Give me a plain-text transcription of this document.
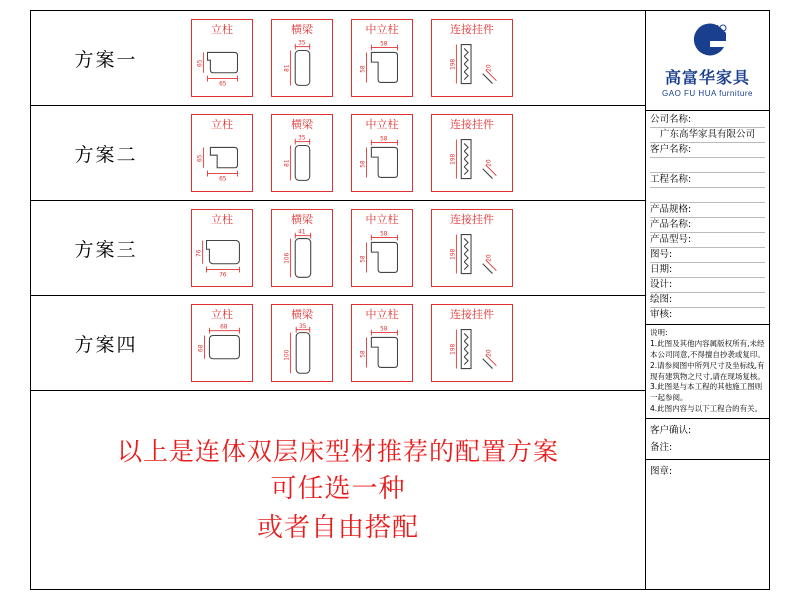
方案一
立柱
65
65
横梁
35
81
中立柱
58
58
连接挂件
198	20
方案二
立柱
65
65
横梁
35
81
中立柱
58
58
连接挂件
198	20
方案三
立柱
76
76
横梁
41
106
中立柱
58
58
连接挂件
198	20
方案四
立柱
68
68
横梁
35
100
中立柱
58
58
连接挂件
198	20
以上是连体双层床型材推荐的配置方案
可任选一种
或者自由搭配
高富华家具
GAO FU HUA furniture
公司名称:
广东高华家具有限公司
客户名称:
工程名称:
产品规格:
产品名称:
产品型号:
图号:
日期:
设计:
绘图:
审核:

说明:

1.此图及其他内容属版权所有,未经本公司同意,不得擅自抄袭或复印。

2.请参阅图中所列尺寸及坐标线,有现有建筑物之尺寸,请在现场复核。

3.此图是与本工程的其他施工图则一起参阅。

4.此图内容与以下工程合的有关。

客户确认:
备注:
图章:
